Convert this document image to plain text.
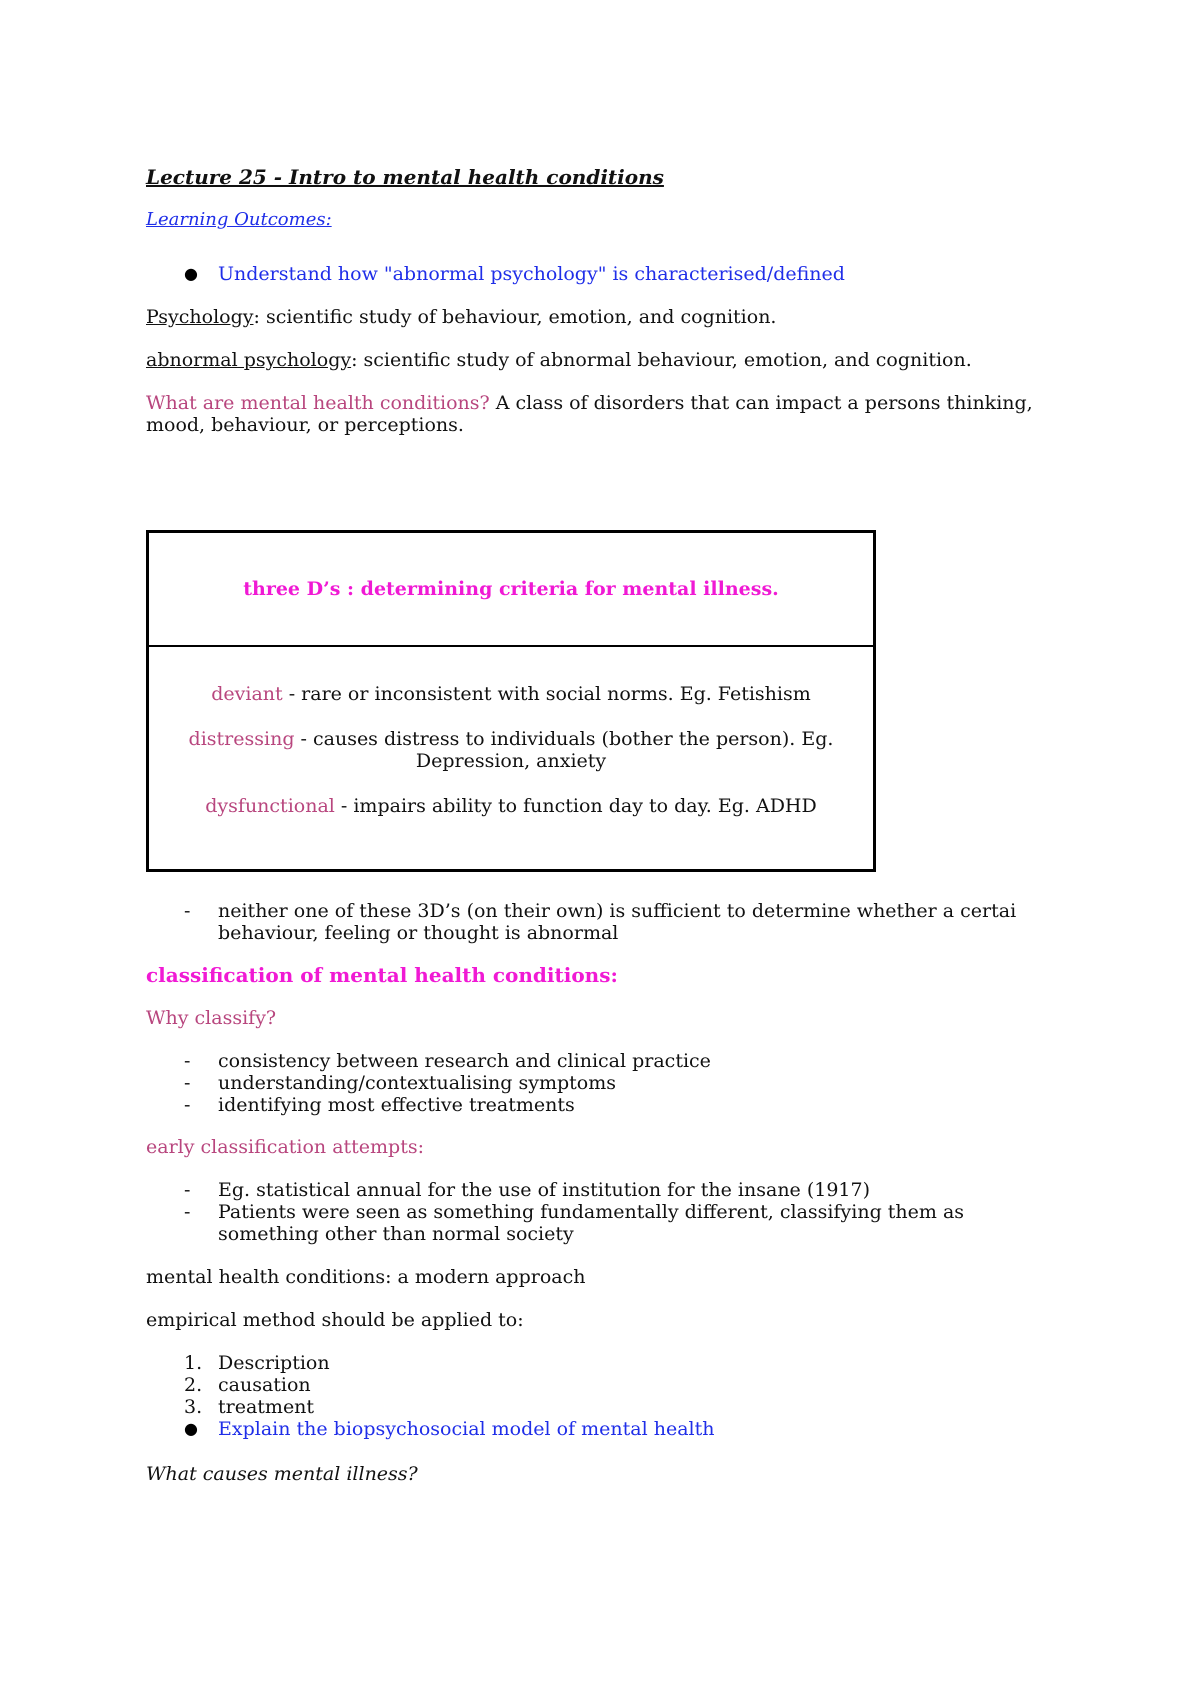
Lecture 25 - Intro to mental health conditions

Learning Outcomes:

●	Understand how "abnormal psychology" is characterised/defined

Psychology: scientific study of behaviour, emotion, and cognition.

abnormal psychology: scientific study of abnormal behaviour, emotion, and cognition.

What are mental health conditions? A class of disorders that can impact a persons thinking, mood, behaviour, or perceptions.

three D’s : determining criteria for mental illness.

deviant - rare or inconsistent with social norms. Eg. Fetishism

distressing - causes distress to individuals (bother the person). Eg. Depression, anxiety

dysfunctional - impairs ability to function day to day. Eg. ADHD

-	neither one of these 3D’s (on their own) is sufficient to determine whether a certai behaviour, feeling or thought is abnormal

classification of mental health conditions:

Why classify?

-	consistency between research and clinical practice
-	understanding/contextualising symptoms
-	identifying most effective treatments

early classification attempts:

-	Eg. statistical annual for the use of institution for the insane (1917)
-	Patients were seen as something fundamentally different, classifying them as something other than normal society

mental health conditions: a modern approach

empirical method should be applied to:

1. Description
2. causation
3. treatment
●	Explain the biopsychosocial model of mental health

What causes mental illness?
